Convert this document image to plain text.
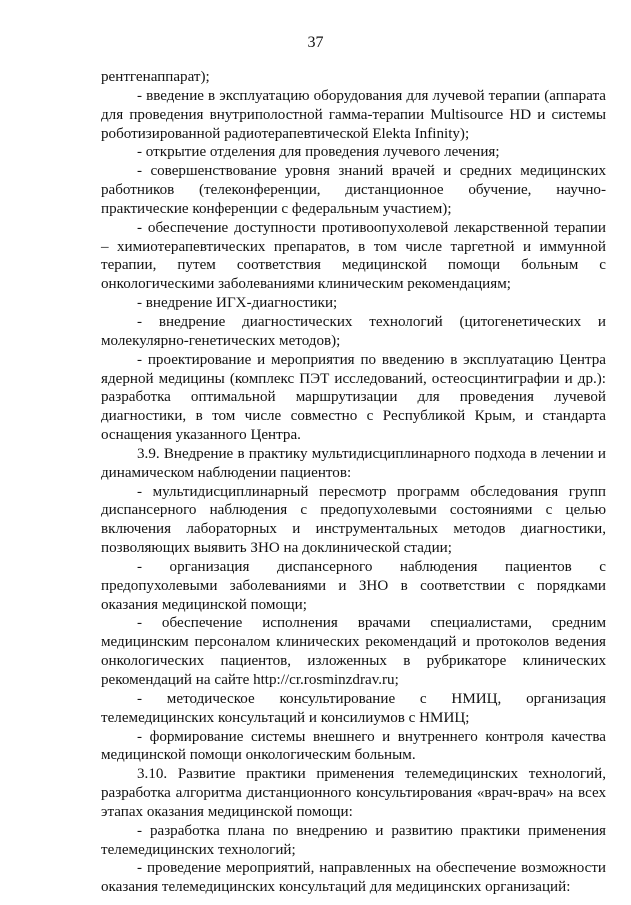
37

рентгенаппарат);

- введение в эксплуатацию оборудования для лучевой терапии (аппарата для проведения внутриполостной гамма-терапии Multisource HD и системы роботизированной радиотерапевтической Elekta Infinity);

- открытие отделения для проведения лучевого лечения;

- совершенствование уровня знаний врачей и средних медицинских работников (телеконференции, дистанционное обучение, научно-практические конференции с федеральным участием);

- обеспечение доступности противоопухолевой лекарственной терапии – химиотерапевтических препаратов, в том числе таргетной и иммунной терапии, путем соответствия медицинской помощи больным с онкологическими заболеваниями клиническим рекомендациям;

- внедрение ИГХ-диагностики;

- внедрение диагностических технологий (цитогенетических и молекулярно-генетических методов);

- проектирование и мероприятия по введению в эксплуатацию Центра ядерной медицины (комплекс ПЭТ исследований, остеосцинтиграфии и др.): разработка оптимальной маршрутизации для проведения лучевой диагностики, в том числе совместно с Республикой Крым, и стандарта оснащения указанного Центра.

3.9. Внедрение в практику мультидисциплинарного подхода в лечении и динамическом наблюдении пациентов:

- мультидисциплинарный пересмотр программ обследования групп диспансерного наблюдения с предопухолевыми состояниями с целью включения лабораторных и инструментальных методов диагностики, позволяющих выявить ЗНО на доклинической стадии;

- организация диспансерного наблюдения пациентов с предопухолевыми заболеваниями и ЗНО в соответствии с порядками оказания медицинской помощи;

- обеспечение исполнения врачами специалистами, средним медицинским персоналом клинических рекомендаций и протоколов ведения онкологических пациентов, изложенных в рубрикаторе клинических рекомендаций на сайте http://cr.rosminzdrav.ru;

- методическое консультирование с НМИЦ, организация телемедицинских консультаций и консилиумов с НМИЦ;

- формирование системы внешнего и внутреннего контроля качества медицинской помощи онкологическим больным.

3.10. Развитие практики применения телемедицинских технологий, разработка алгоритма дистанционного консультирования «врач-врач» на всех этапах оказания медицинской помощи:

- разработка плана по внедрению и развитию практики применения телемедицинских технологий;

- проведение мероприятий, направленных на обеспечение возможности оказания телемедицинских консультаций для медицинских организаций:
